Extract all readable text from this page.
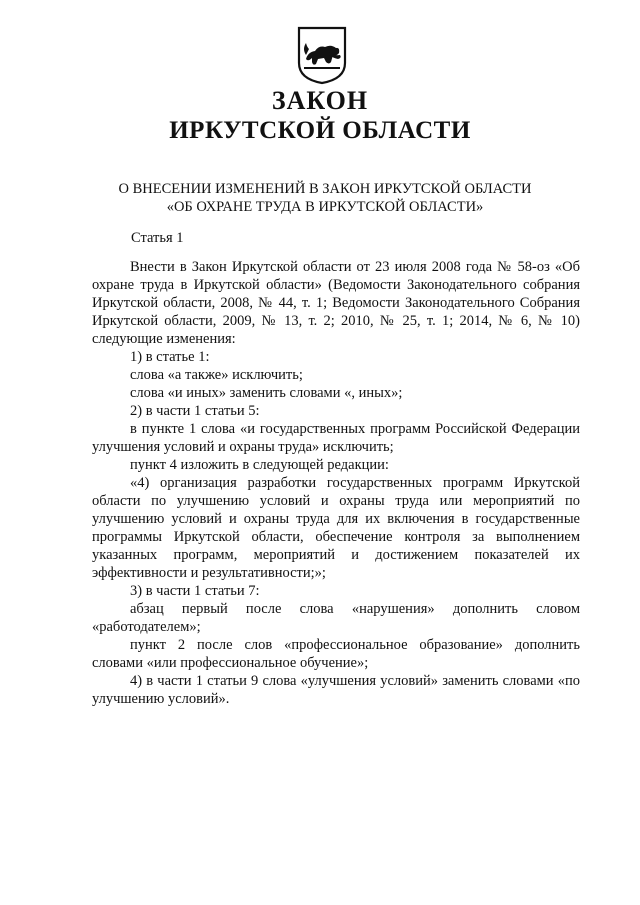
ЗАКОН
ИРКУТСКОЙ ОБЛАСТИ
О ВНЕСЕНИИ ИЗМЕНЕНИЙ В ЗАКОН ИРКУТСКОЙ ОБЛАСТИ
«ОБ ОХРАНЕ ТРУДА В ИРКУТСКОЙ ОБЛАСТИ»
Статья 1

Внести в Закон Иркутской области от 23 июля 2008 года № 58-оз «Об охране труда в Иркутской области» (Ведомости Законодательного собрания Иркутской области, 2008, № 44, т. 1; Ведомости Законодательного Собрания Иркутской области, 2009, № 13, т. 2; 2010, № 25, т. 1; 2014, № 6, № 10) следующие изменения:

1) в статье 1:

слова «а также» исключить;

слова «и иных» заменить словами «, иных»;

2) в части 1 статьи 5:

в пункте 1 слова «и государственных программ Российской Федерации улучшения условий и охраны труда» исключить;

пункт 4 изложить в следующей редакции:

«4) организация разработки государственных программ Иркутской области по улучшению условий и охраны труда или мероприятий по улучшению условий и охраны труда для их включения в государственные программы Иркутской области, обеспечение контроля за выполнением указанных программ, мероприятий и достижением показателей их эффективности и результативности;»;

3) в части 1 статьи 7:

абзац первый после слова «нарушения» дополнить словом «работодателем»;

пункт 2 после слов «профессиональное образование» дополнить словами «или профессиональное обучение»;

4) в части 1 статьи 9 слова «улучшения условий» заменить словами «по улучшению условий».
